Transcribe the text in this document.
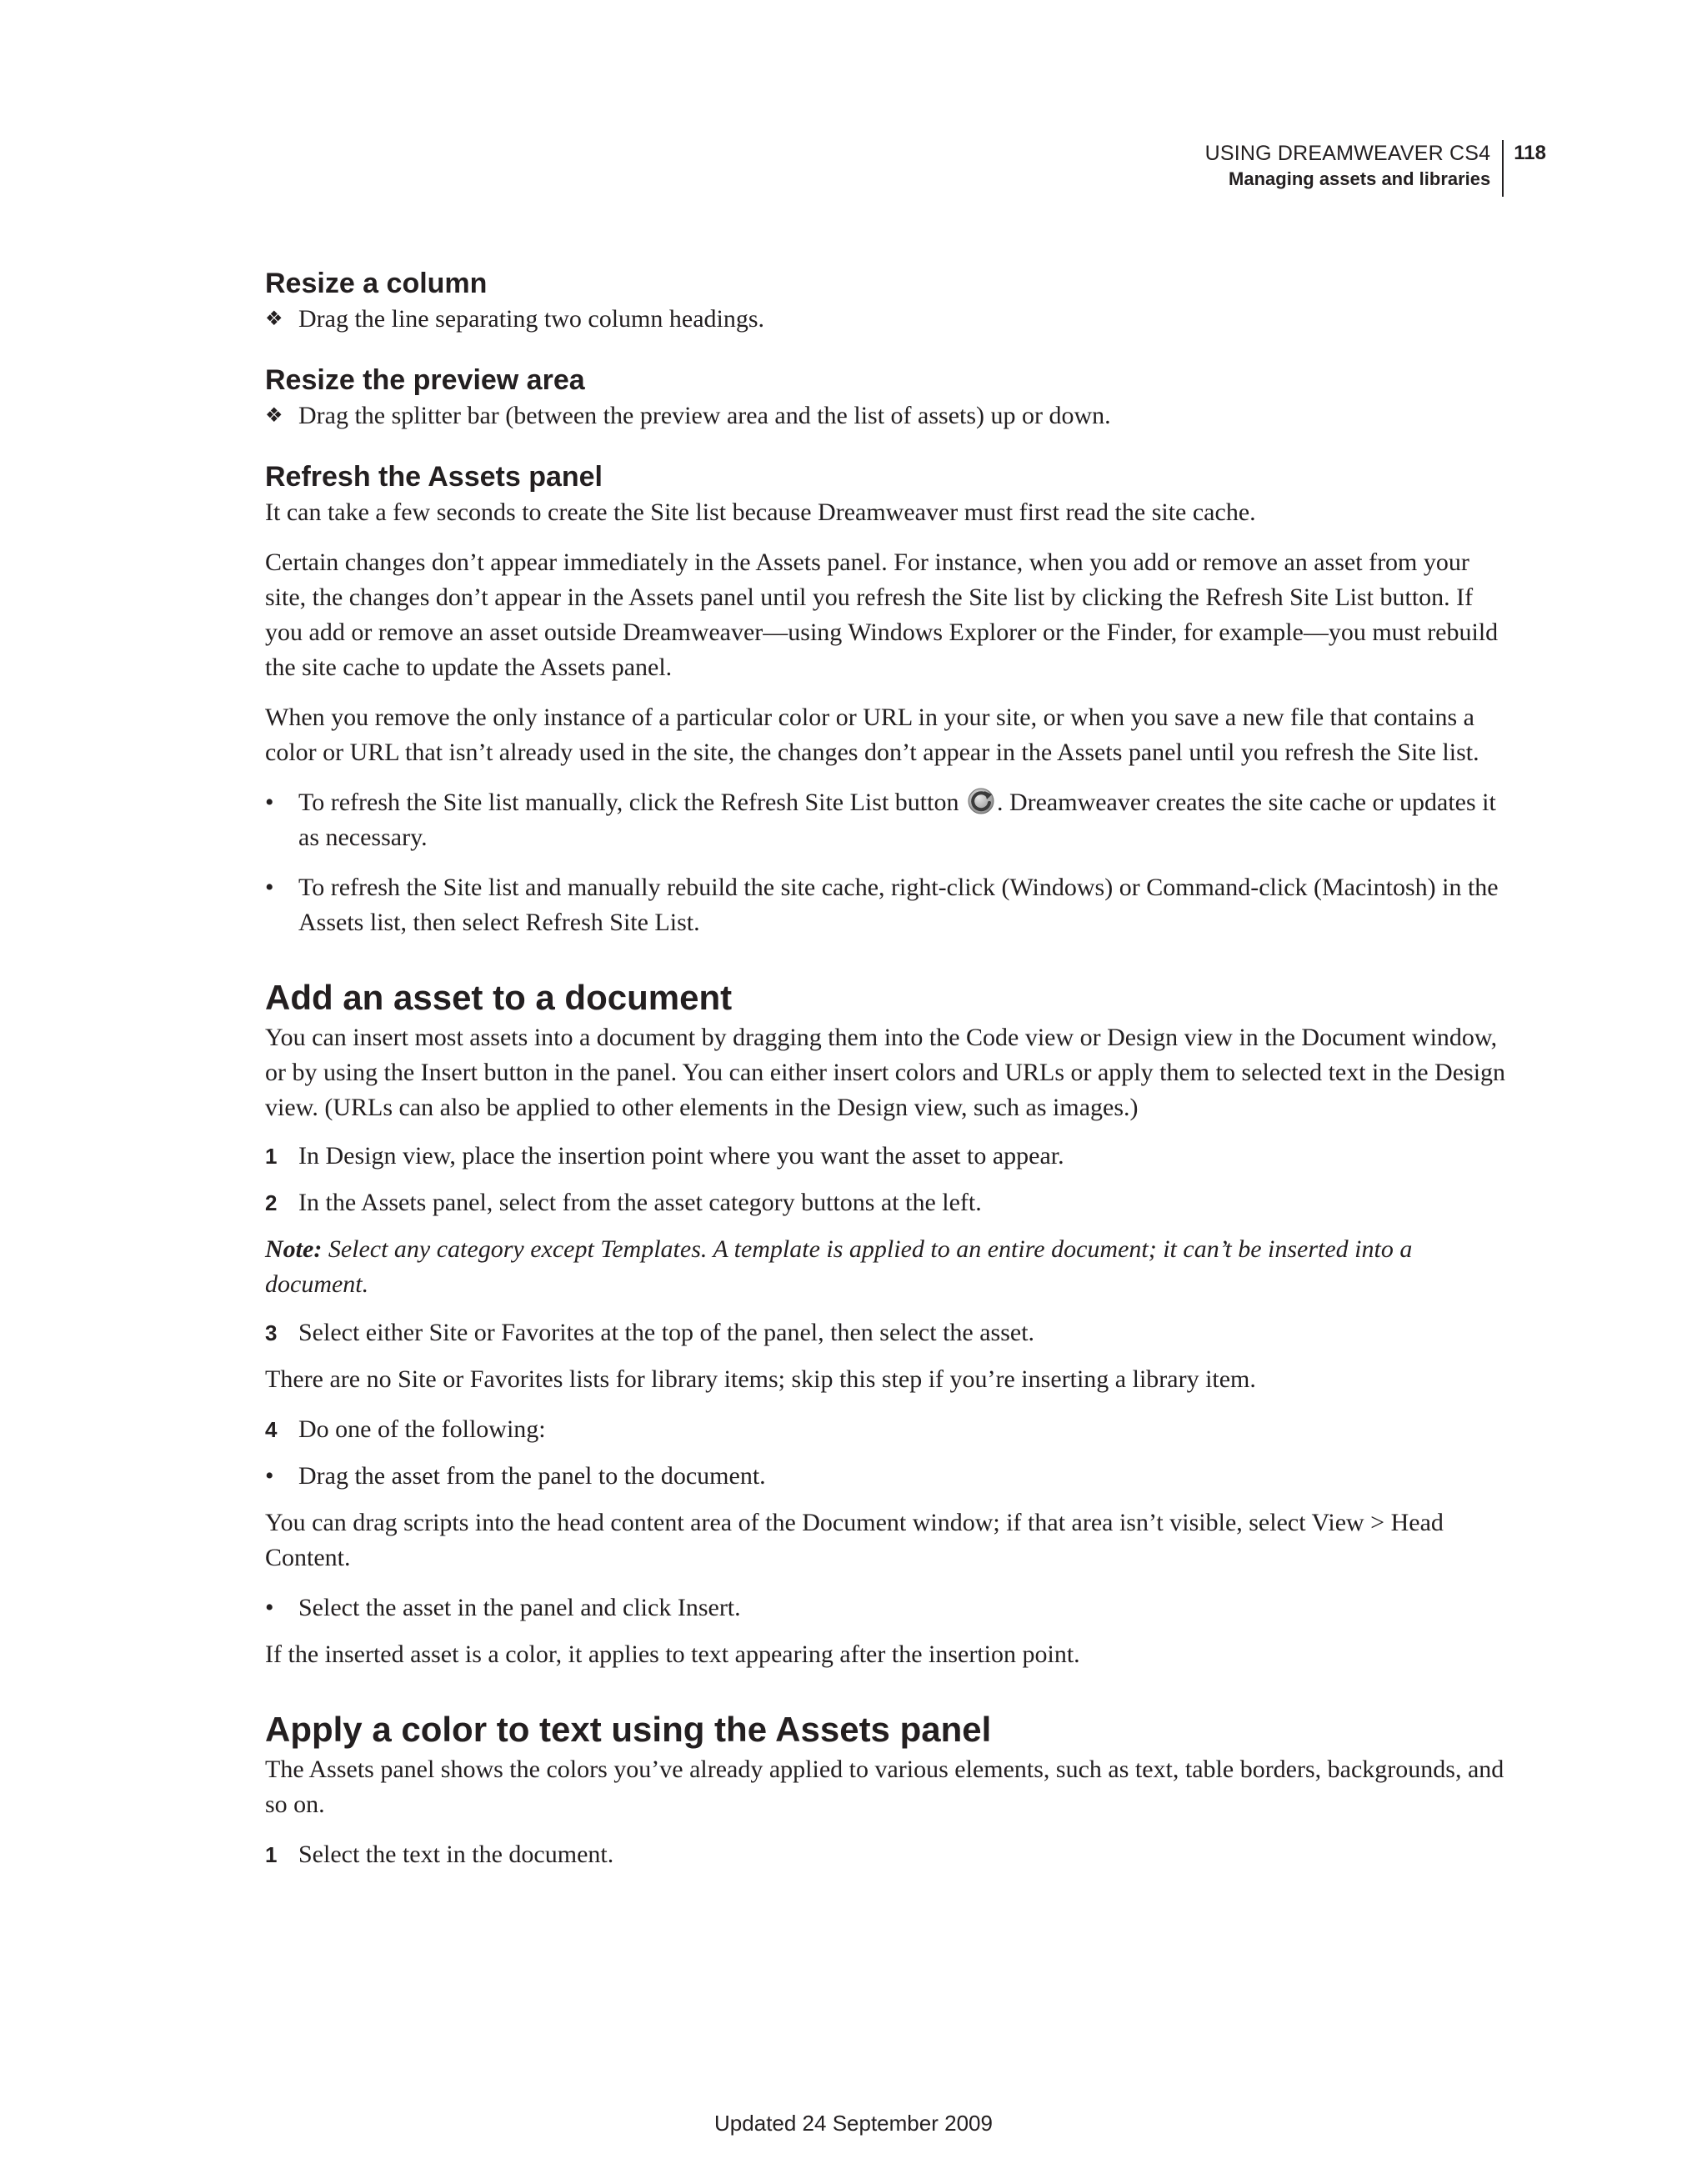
USING DREAMWEAVER CS4
Managing assets and libraries
118
Resize a column
❖ Drag the line separating two column headings.
Resize the preview area
❖ Drag the splitter bar (between the preview area and the list of assets) up or down.
Refresh the Assets panel

It can take a few seconds to create the Site list because Dreamweaver must first read the site cache.

Certain changes don’t appear immediately in the Assets panel. For instance, when you add or remove an asset from your site, the changes don’t appear in the Assets panel until you refresh the Site list by clicking the Refresh Site List button. If you add or remove an asset outside Dreamweaver—using Windows Explorer or the Finder, for example—you must rebuild the site cache to update the Assets panel.

When you remove the only instance of a particular color or URL in your site, or when you save a new file that contains a color or URL that isn’t already used in the site, the changes don’t appear in the Assets panel until you refresh the Site list.

• To refresh the Site list manually, click the Refresh Site List button . Dreamweaver creates the site cache or updates it as necessary.
• To refresh the Site list and manually rebuild the site cache, right-click (Windows) or Command-click (Macintosh) in the Assets list, then select Refresh Site List.
Add an asset to a document

You can insert most assets into a document by dragging them into the Code view or Design view in the Document window, or by using the Insert button in the panel. You can either insert colors and URLs or apply them to selected text in the Design view. (URLs can also be applied to other elements in the Design view, such as images.)

1 In Design view, place the insertion point where you want the asset to appear.
2 In the Assets panel, select from the asset category buttons at the left.

Note: Select any category except Templates. A template is applied to an entire document; it can’t be inserted into a document.

3 Select either Site or Favorites at the top of the panel, then select the asset.

There are no Site or Favorites lists for library items; skip this step if you’re inserting a library item.

4 Do one of the following:
• Drag the asset from the panel to the document.

You can drag scripts into the head content area of the Document window; if that area isn’t visible, select View > Head Content.

• Select the asset in the panel and click Insert.

If the inserted asset is a color, it applies to text appearing after the insertion point.

Apply a color to text using the Assets panel

The Assets panel shows the colors you’ve already applied to various elements, such as text, table borders, backgrounds, and so on.

1 Select the text in the document.
Updated 24 September 2009
